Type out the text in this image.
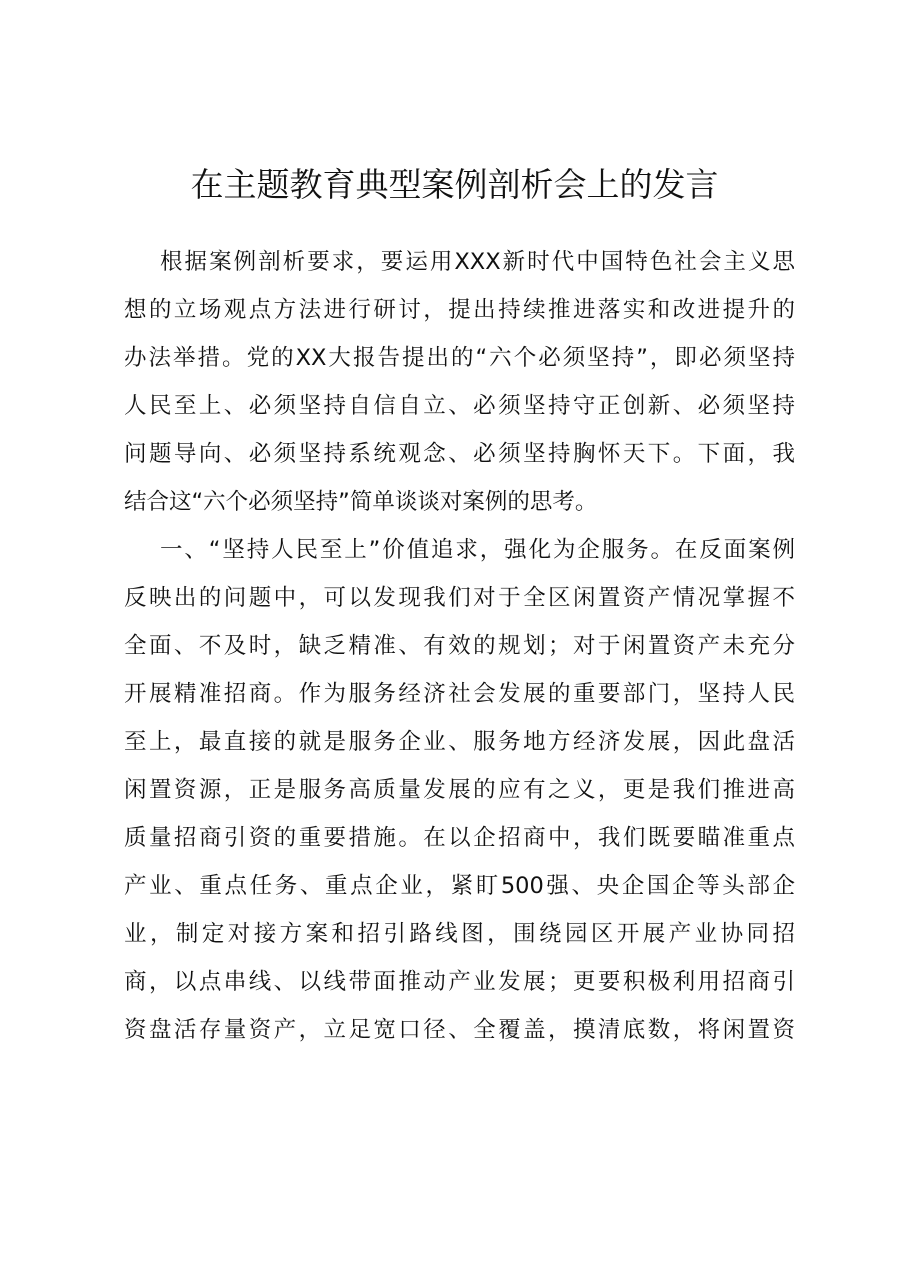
在主题教育典型案例剖析会上的发言

根据案例剖析要求，要运用XXX新时代中国特色社会主义思

想的立场观点方法进行研讨，提出持续推进落实和改进提升的

办法举措。党的XX大报告提出的“六个必须坚持”，即必须坚持

人民至上、必须坚持自信自立、必须坚持守正创新、必须坚持

问题导向、必须坚持系统观念、必须坚持胸怀天下。下面，我

结合这“六个必须坚持”简单谈谈对案例的思考。

一、“坚持人民至上”价值追求，强化为企服务。在反面案例

反映出的问题中，可以发现我们对于全区闲置资产情况掌握不

全面、不及时，缺乏精准、有效的规划；对于闲置资产未充分

开展精准招商。作为服务经济社会发展的重要部门，坚持人民

至上，最直接的就是服务企业、服务地方经济发展，因此盘活

闲置资源，正是服务高质量发展的应有之义，更是我们推进高

质量招商引资的重要措施。在以企招商中，我们既要瞄准重点

产业、重点任务、重点企业，紧盯500强、央企国企等头部企

业，制定对接方案和招引路线图，围绕园区开展产业协同招

商，以点串线、以线带面推动产业发展；更要积极利用招商引

资盘活存量资产，立足宽口径、全覆盖，摸清底数，将闲置资
